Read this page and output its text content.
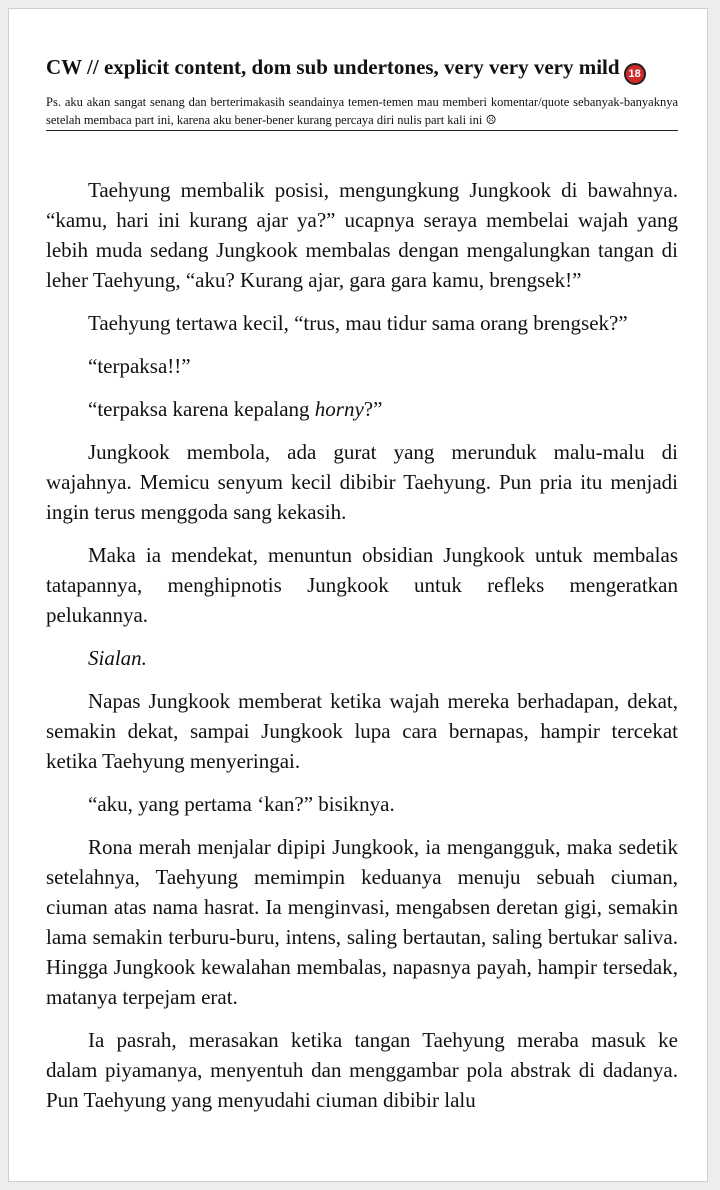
CW // explicit content, dom sub undertones, very very very mild 18
Ps. aku akan sangat senang dan berterimakasih seandainya temen-temen mau memberi komentar/quote sebanyak-banyaknya setelah membaca part ini, karena aku bener-bener kurang percaya diri nulis part kali ini ☹

Taehyung membalik posisi, mengungkung Jungkook di bawahnya. “kamu, hari ini kurang ajar ya?” ucapnya seraya membelai wajah yang lebih muda sedang Jungkook membalas dengan mengalungkan tangan di leher Taehyung, “aku? Kurang ajar, gara gara kamu, brengsek!”

Taehyung tertawa kecil, “trus, mau tidur sama orang brengsek?”

“terpaksa!!”

“terpaksa karena kepalang horny?”

Jungkook membola, ada gurat yang merunduk malu-malu di wajahnya. Memicu senyum kecil dibibir Taehyung. Pun pria itu menjadi ingin terus menggoda sang kekasih.

Maka ia mendekat, menuntun obsidian Jungkook untuk membalas tatapannya, menghipnotis Jungkook untuk refleks mengeratkan pelukannya.

Sialan.

Napas Jungkook memberat ketika wajah mereka berhadapan, dekat, semakin dekat, sampai Jungkook lupa cara bernapas, hampir tercekat ketika Taehyung menyeringai.

“aku, yang pertama ‘kan?” bisiknya.

Rona merah menjalar dipipi Jungkook, ia mengangguk, maka sedetik setelahnya, Taehyung memimpin keduanya menuju sebuah ciuman, ciuman atas nama hasrat. Ia menginvasi, mengabsen deretan gigi, semakin lama semakin terburu-buru, intens, saling bertautan, saling bertukar saliva. Hingga Jungkook kewalahan membalas, napasnya payah, hampir tersedak, matanya terpejam erat.

Ia pasrah, merasakan ketika tangan Taehyung meraba masuk ke dalam piyamanya, menyentuh dan menggambar pola abstrak di dadanya. Pun Taehyung yang menyudahi ciuman dibibir lalu
